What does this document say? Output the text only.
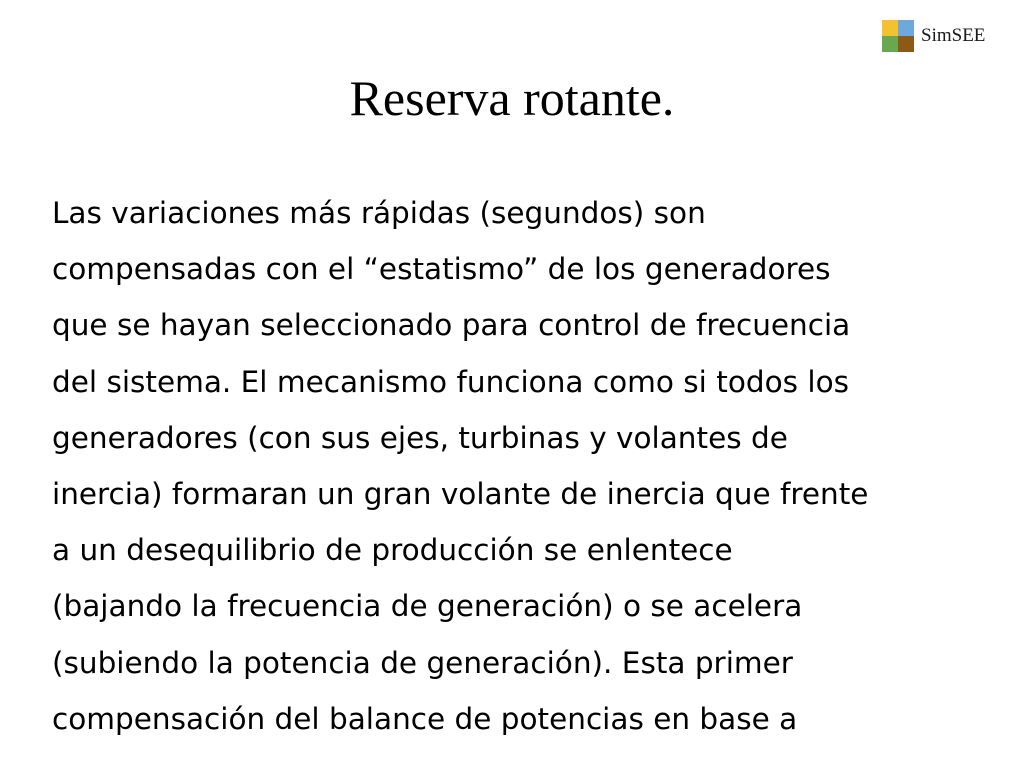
SimSEE
Reserva rotante.
Las variaciones más rápidas (segundos) son
compensadas con el “estatismo” de los generadores
que se hayan seleccionado para control de frecuencia
del sistema. El mecanismo funciona como si todos los
generadores (con sus ejes, turbinas y volantes de
inercia) formaran un gran volante de inercia que frente
a un desequilibrio de producción se enlentece
(bajando la frecuencia de generación) o se acelera
(subiendo la potencia de generación). Esta primer
compensación del balance de potencias en base a
